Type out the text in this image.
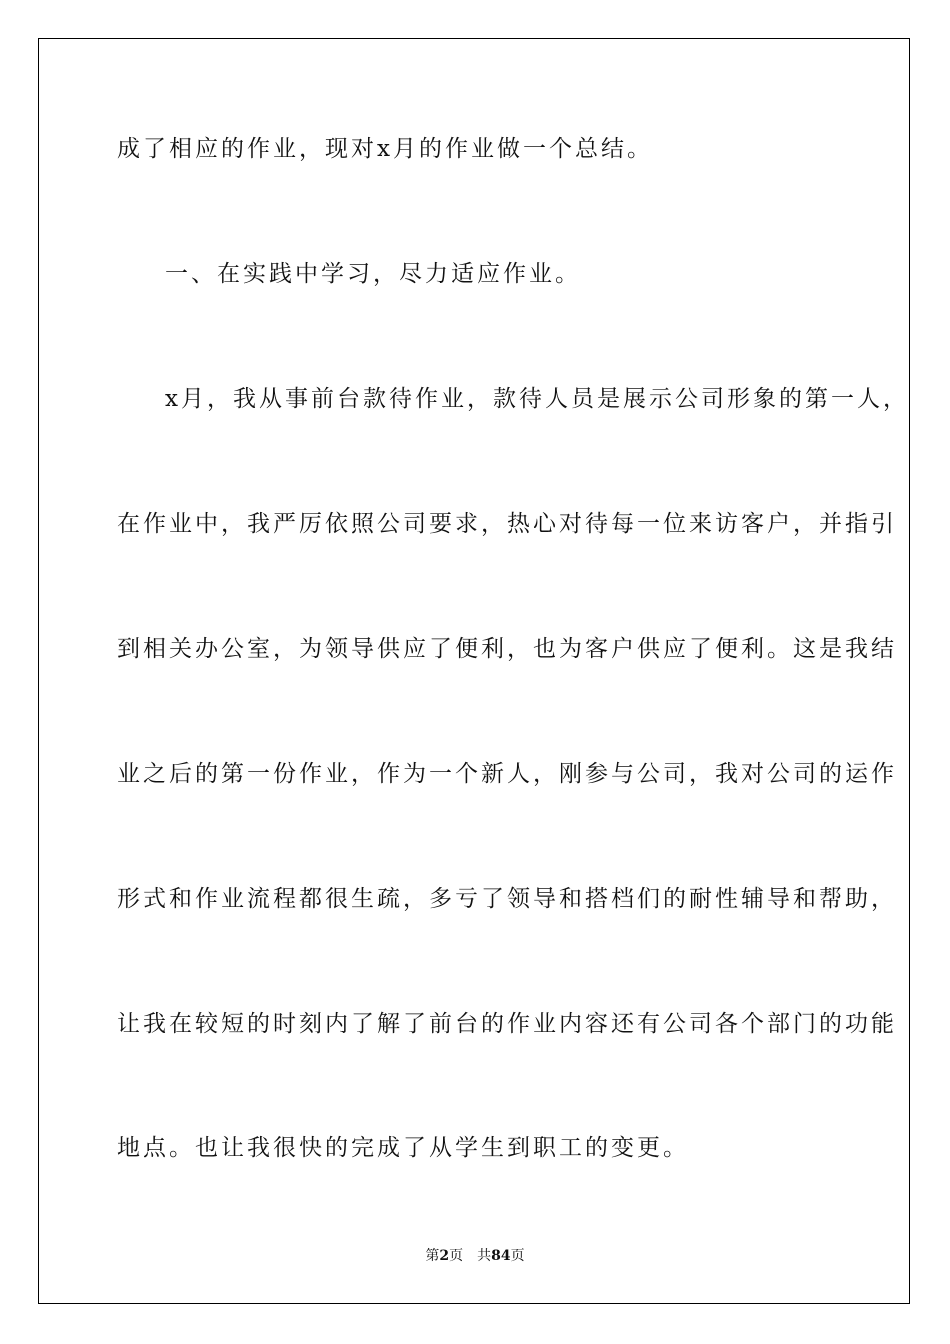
成了相应的作业，现对x月的作业做一个总结。
一、在实践中学习，尽力适应作业。
x月，我从事前台款待作业，款待人员是展示公司形象的第一人，
在作业中，我严厉依照公司要求，热心对待每一位来访客户，并指引
到相关办公室，为领导供应了便利，也为客户供应了便利。这是我结
业之后的第一份作业，作为一个新人，刚参与公司，我对公司的运作
形式和作业流程都很生疏，多亏了领导和搭档们的耐性辅导和帮助，
让我在较短的时刻内了解了前台的作业内容还有公司各个部门的功能
地点。也让我很快的完成了从学生到职工的变更。
第2页 共84页
